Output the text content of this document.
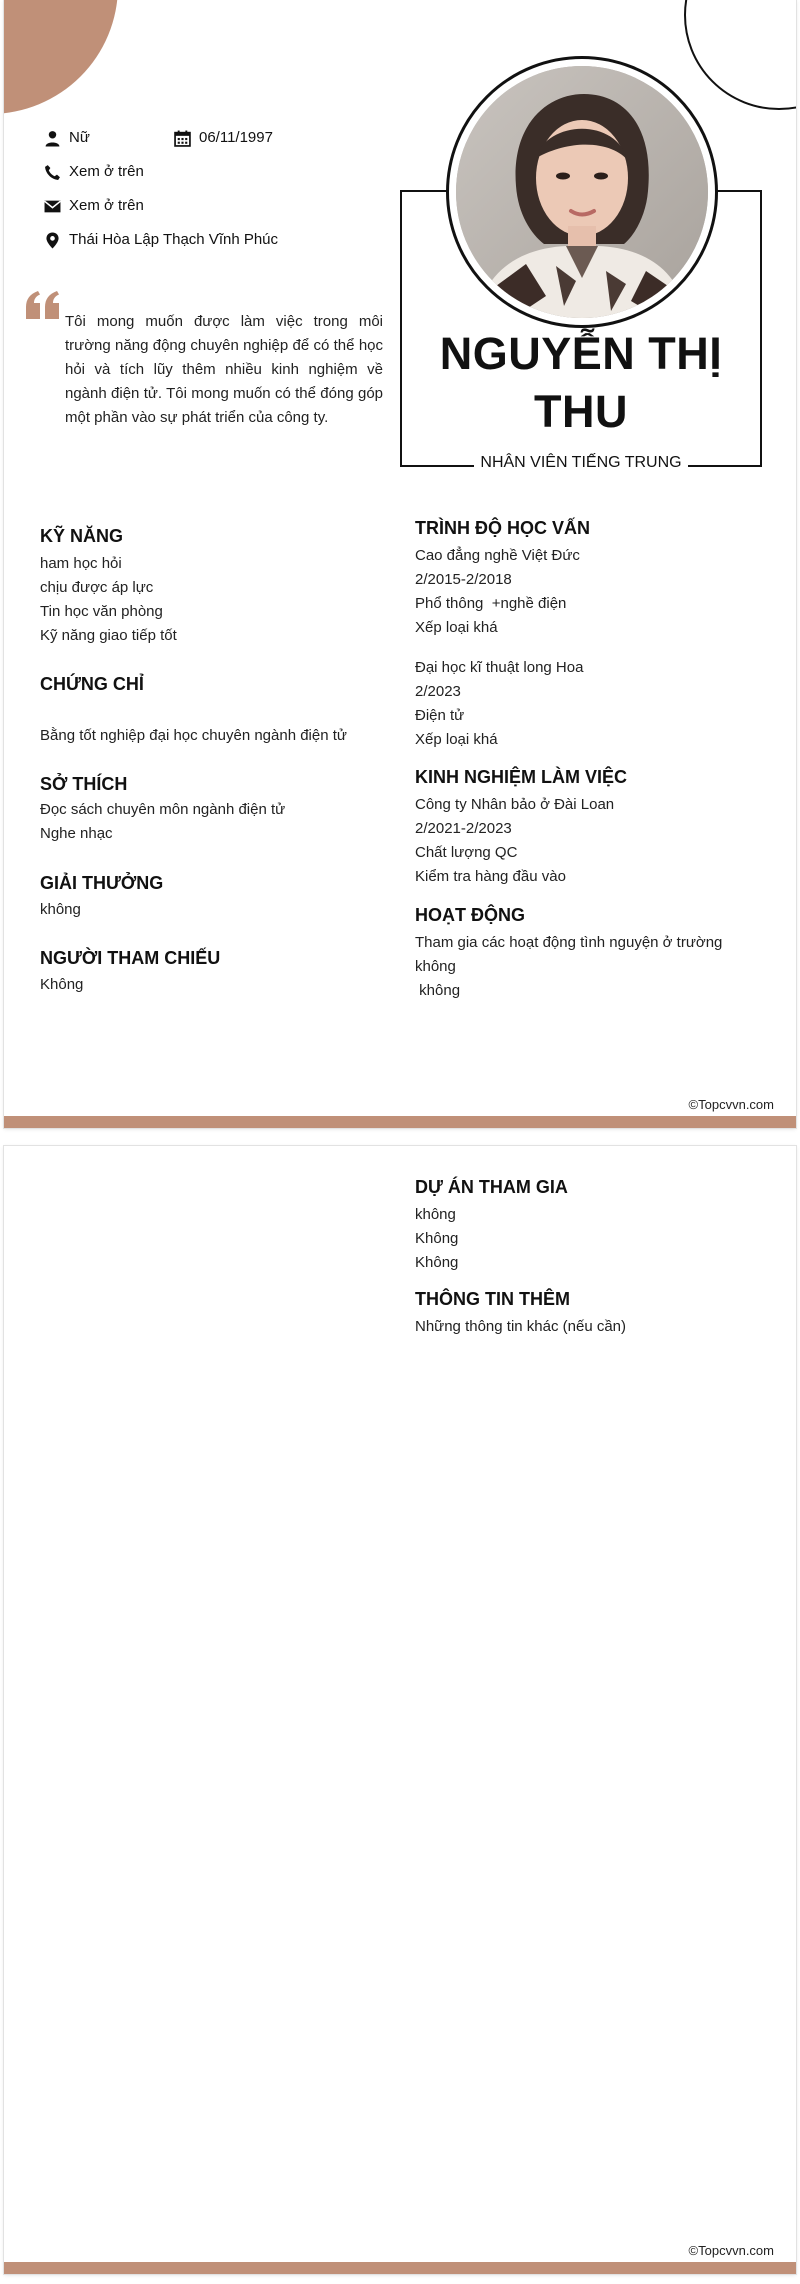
Nữ	06/11/1997
Xem ở trên
Xem ở trên
Thái Hòa Lập Thạch Vĩnh Phúc
Tôi mong muốn được làm việc trong môi trường năng động chuyên nghiệp để có thể học hỏi và tích lũy thêm nhiều kinh nghiệm về ngành điện tử. Tôi mong muốn có thể đóng góp một phần vào sự phát triển của công ty.
NGUYỄN THỊ
THU
NHÂN VIÊN TIẾNG TRUNG
KỸ NĂNG
ham học hỏi
chịu được áp lực
Tin học văn phòng
Kỹ năng giao tiếp tốt
CHỨNG CHỈ
Bằng tốt nghiệp đại học chuyên ngành điện tử
SỞ THÍCH
Đọc sách chuyên môn ngành điện tử
Nghe nhạc
GIẢI THƯỞNG
không
NGƯỜI THAM CHIẾU
Không
TRÌNH ĐỘ HỌC VẤN
Cao đẳng nghề Việt Đức
2/2015-2/2018
Phổ thông  +nghề điện
Xếp loại khá
Đại học kĩ thuật long Hoa
2/2023
Điện tử
Xếp loại khá
KINH NGHIỆM LÀM VIỆC
Công ty Nhân bảo ở Đài Loan
2/2021-2/2023
Chất lượng QC
Kiểm tra hàng đầu vào
HOẠT ĐỘNG
Tham gia các hoạt động tình nguyện ở trường
không
không
©Topcvvn.com
DỰ ÁN THAM GIA
không
Không
Không
THÔNG TIN THÊM
Những thông tin khác (nếu cần)
©Topcvvn.com
